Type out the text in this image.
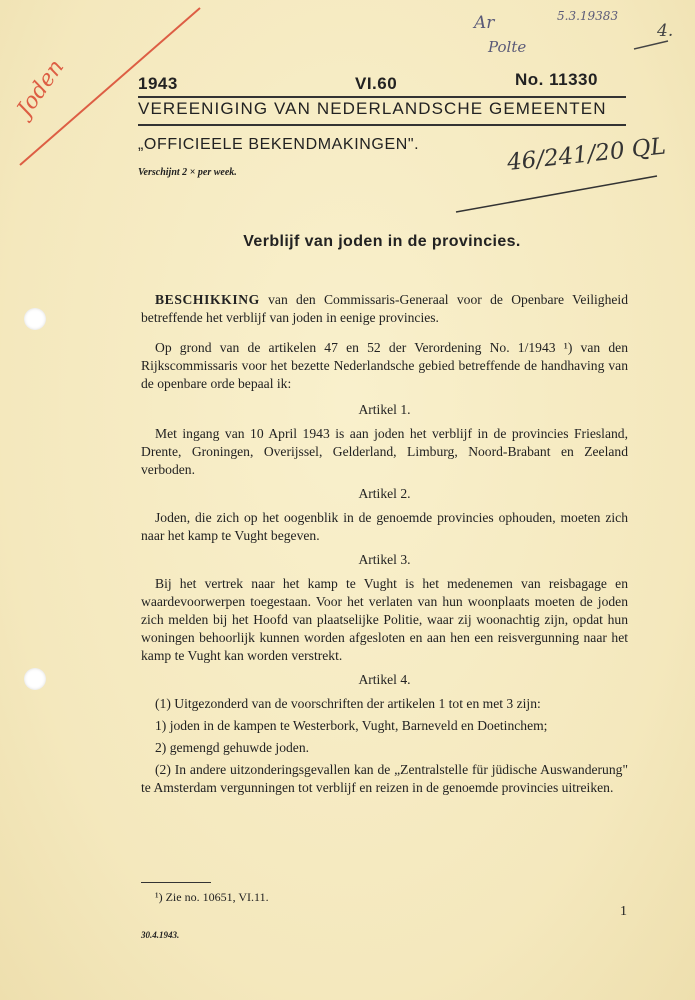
Joden
Ar
Polte
5.3.19383
4.
46/241/20 QL
1943	VI.60	No. 11330
VEREENIGING VAN NEDERLANDSCHE GEMEENTEN
„OFFICIEELE BEKENDMAKINGEN".
Verschijnt 2 × per week.
Verblijf van joden in de provincies.

BESCHIKKING van den Commissaris-Generaal voor de Openbare Veiligheid betreffende het verblijf van joden in eenige provincies.

Op grond van de artikelen 47 en 52 der Verordening No. 1/1943 ¹) van den Rijkscommissaris voor het bezette Nederlandsche gebied betreffende de handhaving van de openbare orde bepaal ik:

Artikel 1.

Met ingang van 10 April 1943 is aan joden het verblijf in de provincies Friesland, Drente, Groningen, Overijssel, Gelderland, Limburg, Noord-Brabant en Zeeland verboden.

Artikel 2.

Joden, die zich op het oogenblik in de genoemde provincies ophouden, moeten zich naar het kamp te Vught begeven.

Artikel 3.

Bij het vertrek naar het kamp te Vught is het medenemen van reisbagage en waardevoorwerpen toegestaan. Voor het verlaten van hun woonplaats moeten de joden zich melden bij het Hoofd van plaatselijke Politie, waar zij woonachtig zijn, opdat hun woningen behoorlijk kunnen worden afgesloten en aan hen een reisvergunning naar het kamp te Vught kan worden verstrekt.

Artikel 4.

(1) Uitgezonderd van de voorschriften der artikelen 1 tot en met 3 zijn:

1) joden in de kampen te Westerbork, Vught, Barneveld en Doetinchem;

2) gemengd gehuwde joden.

(2) In andere uitzonderingsgevallen kan de „Zentralstelle für jüdische Auswanderung" te Amsterdam vergunningen tot verblijf en reizen in de genoemde provincies uitreiken.

¹) Zie no. 10651, VI.11.
1
30.4.1943.
